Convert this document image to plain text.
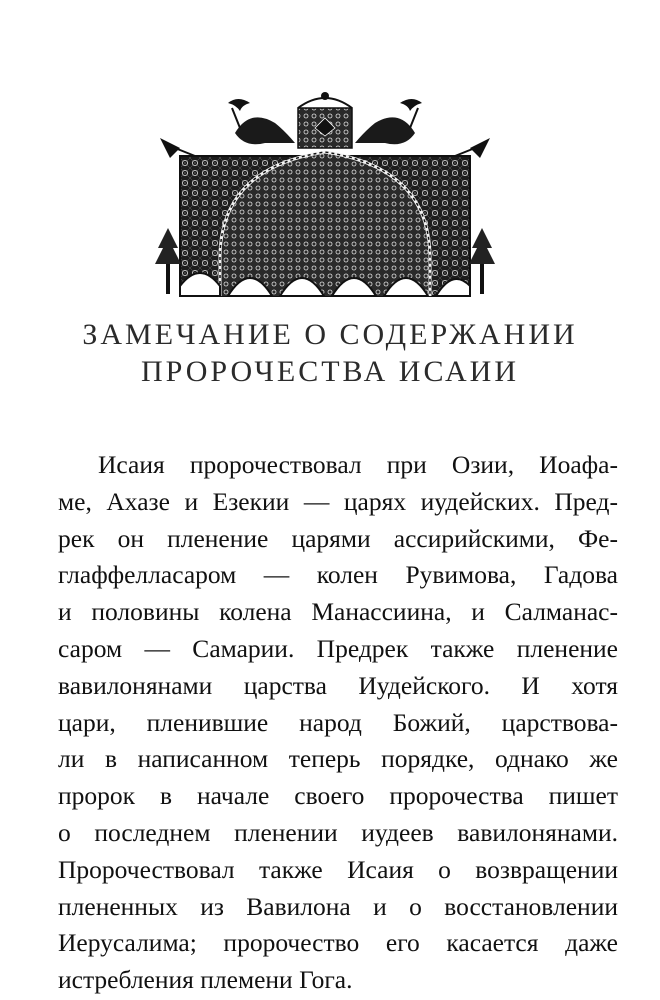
ЗАМЕЧАНИЕ О СОДЕРЖАНИИ
ПРОРОЧЕСТВА ИСАИИ
Исаия пророчествовал при Озии, Иоафа-
ме, Ахазе и Езекии — царях иудейских. Пред-
рек он пленение царями ассирийскими, Фе-
глаффелласаром — колен Рувимова, Гадова
и половины колена Манассиина, и Салманас-
саром — Самарии. Предрек также пленение
вавилонянами царства Иудейского. И хотя
цари, пленившие народ Божий, царствова-
ли в написанном теперь порядке, однако же
пророк в начале своего пророчества пишет
о последнем пленении иудеев вавилонянами.
Пророчествовал также Исаия о возвращении
плененных из Вавилона и о восстановлении
Иерусалима; пророчество его касается даже
истребления племени Гога.
